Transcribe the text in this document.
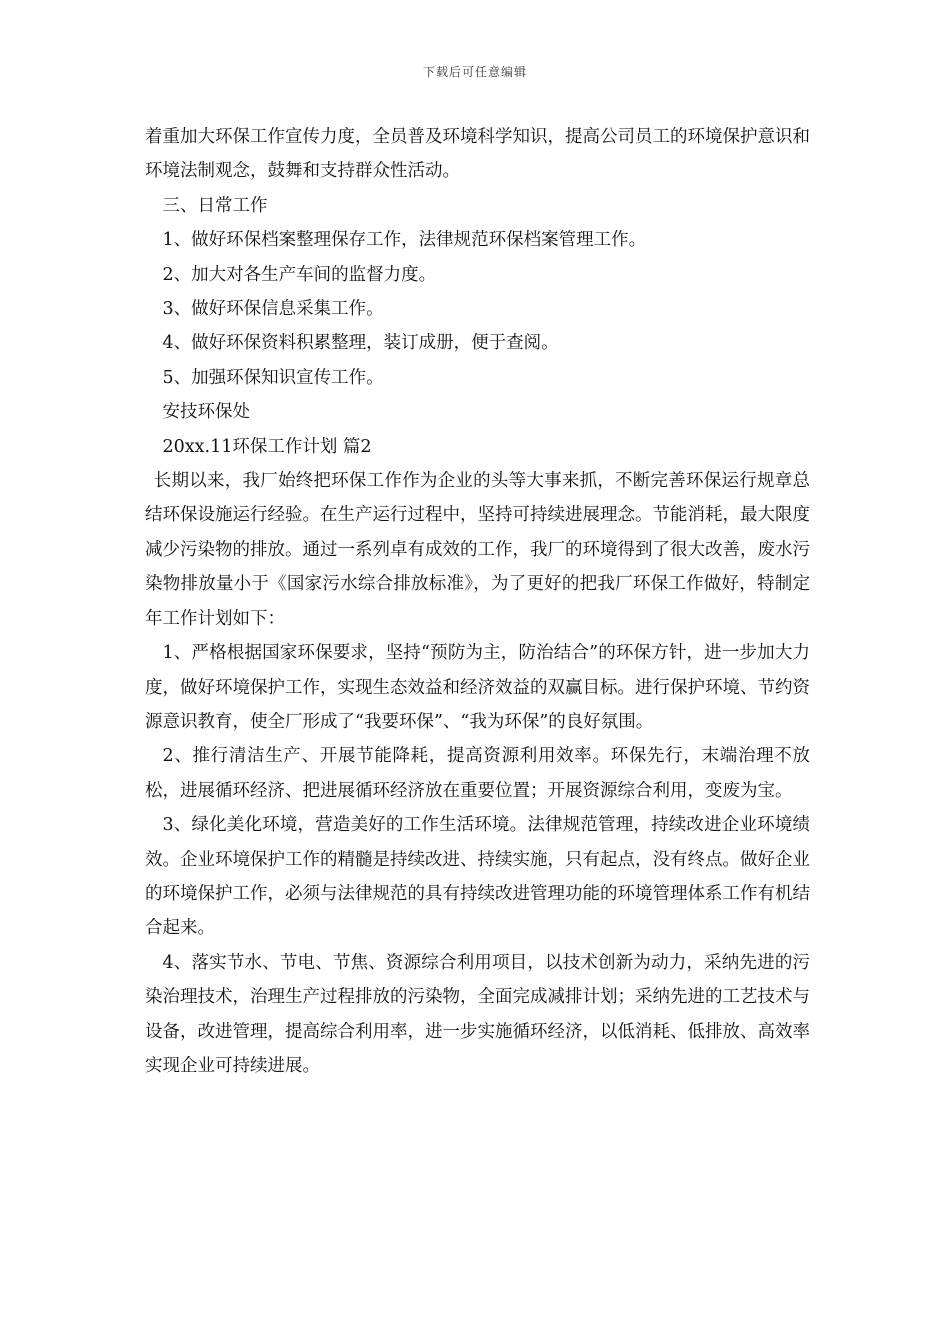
下载后可任意编辑

着重加大环保工作宣传力度，全员普及环境科学知识，提高公司员工的环境保护意识和环境法制观念，鼓舞和支持群众性活动。

三、日常工作

1、做好环保档案整理保存工作，法律规范环保档案管理工作。

2、加大对各生产车间的监督力度。

3、做好环保信息采集工作。

4、做好环保资料积累整理，装订成册，便于查阅。

5、加强环保知识宣传工作。

安技环保处

20xx.11环保工作计划 篇2

长期以来，我厂始终把环保工作作为企业的头等大事来抓，不断完善环保运行规章总结环保设施运行经验。在生产运行过程中，坚持可持续进展理念。节能消耗，最大限度减少污染物的排放。通过一系列卓有成效的工作，我厂的环境得到了很大改善，废水污染物排放量小于《国家污水综合排放标准》，为了更好的把我厂环保工作做好，特制定年工作计划如下：

1、严格根据国家环保要求，坚持“预防为主，防治结合”的环保方针，进一步加大力度，做好环境保护工作，实现生态效益和经济效益的双赢目标。进行保护环境、节约资源意识教育，使全厂形成了“我要环保”、“我为环保”的良好氛围。

2、推行清洁生产、开展节能降耗，提高资源利用效率。环保先行，末端治理不放松，进展循环经济、把进展循环经济放在重要位置；开展资源综合利用，变废为宝。

3、绿化美化环境，营造美好的工作生活环境。法律规范管理，持续改进企业环境绩效。企业环境保护工作的精髓是持续改进、持续实施，只有起点，没有终点。做好企业的环境保护工作，必须与法律规范的具有持续改进管理功能的环境管理体系工作有机结合起来。

4、落实节水、节电、节焦、资源综合利用项目，以技术创新为动力，采纳先进的污染治理技术，治理生产过程排放的污染物，全面完成减排计划；采纳先进的工艺技术与设备，改进管理，提高综合利用率，进一步实施循环经济，以低消耗、低排放、高效率实现企业可持续进展。
